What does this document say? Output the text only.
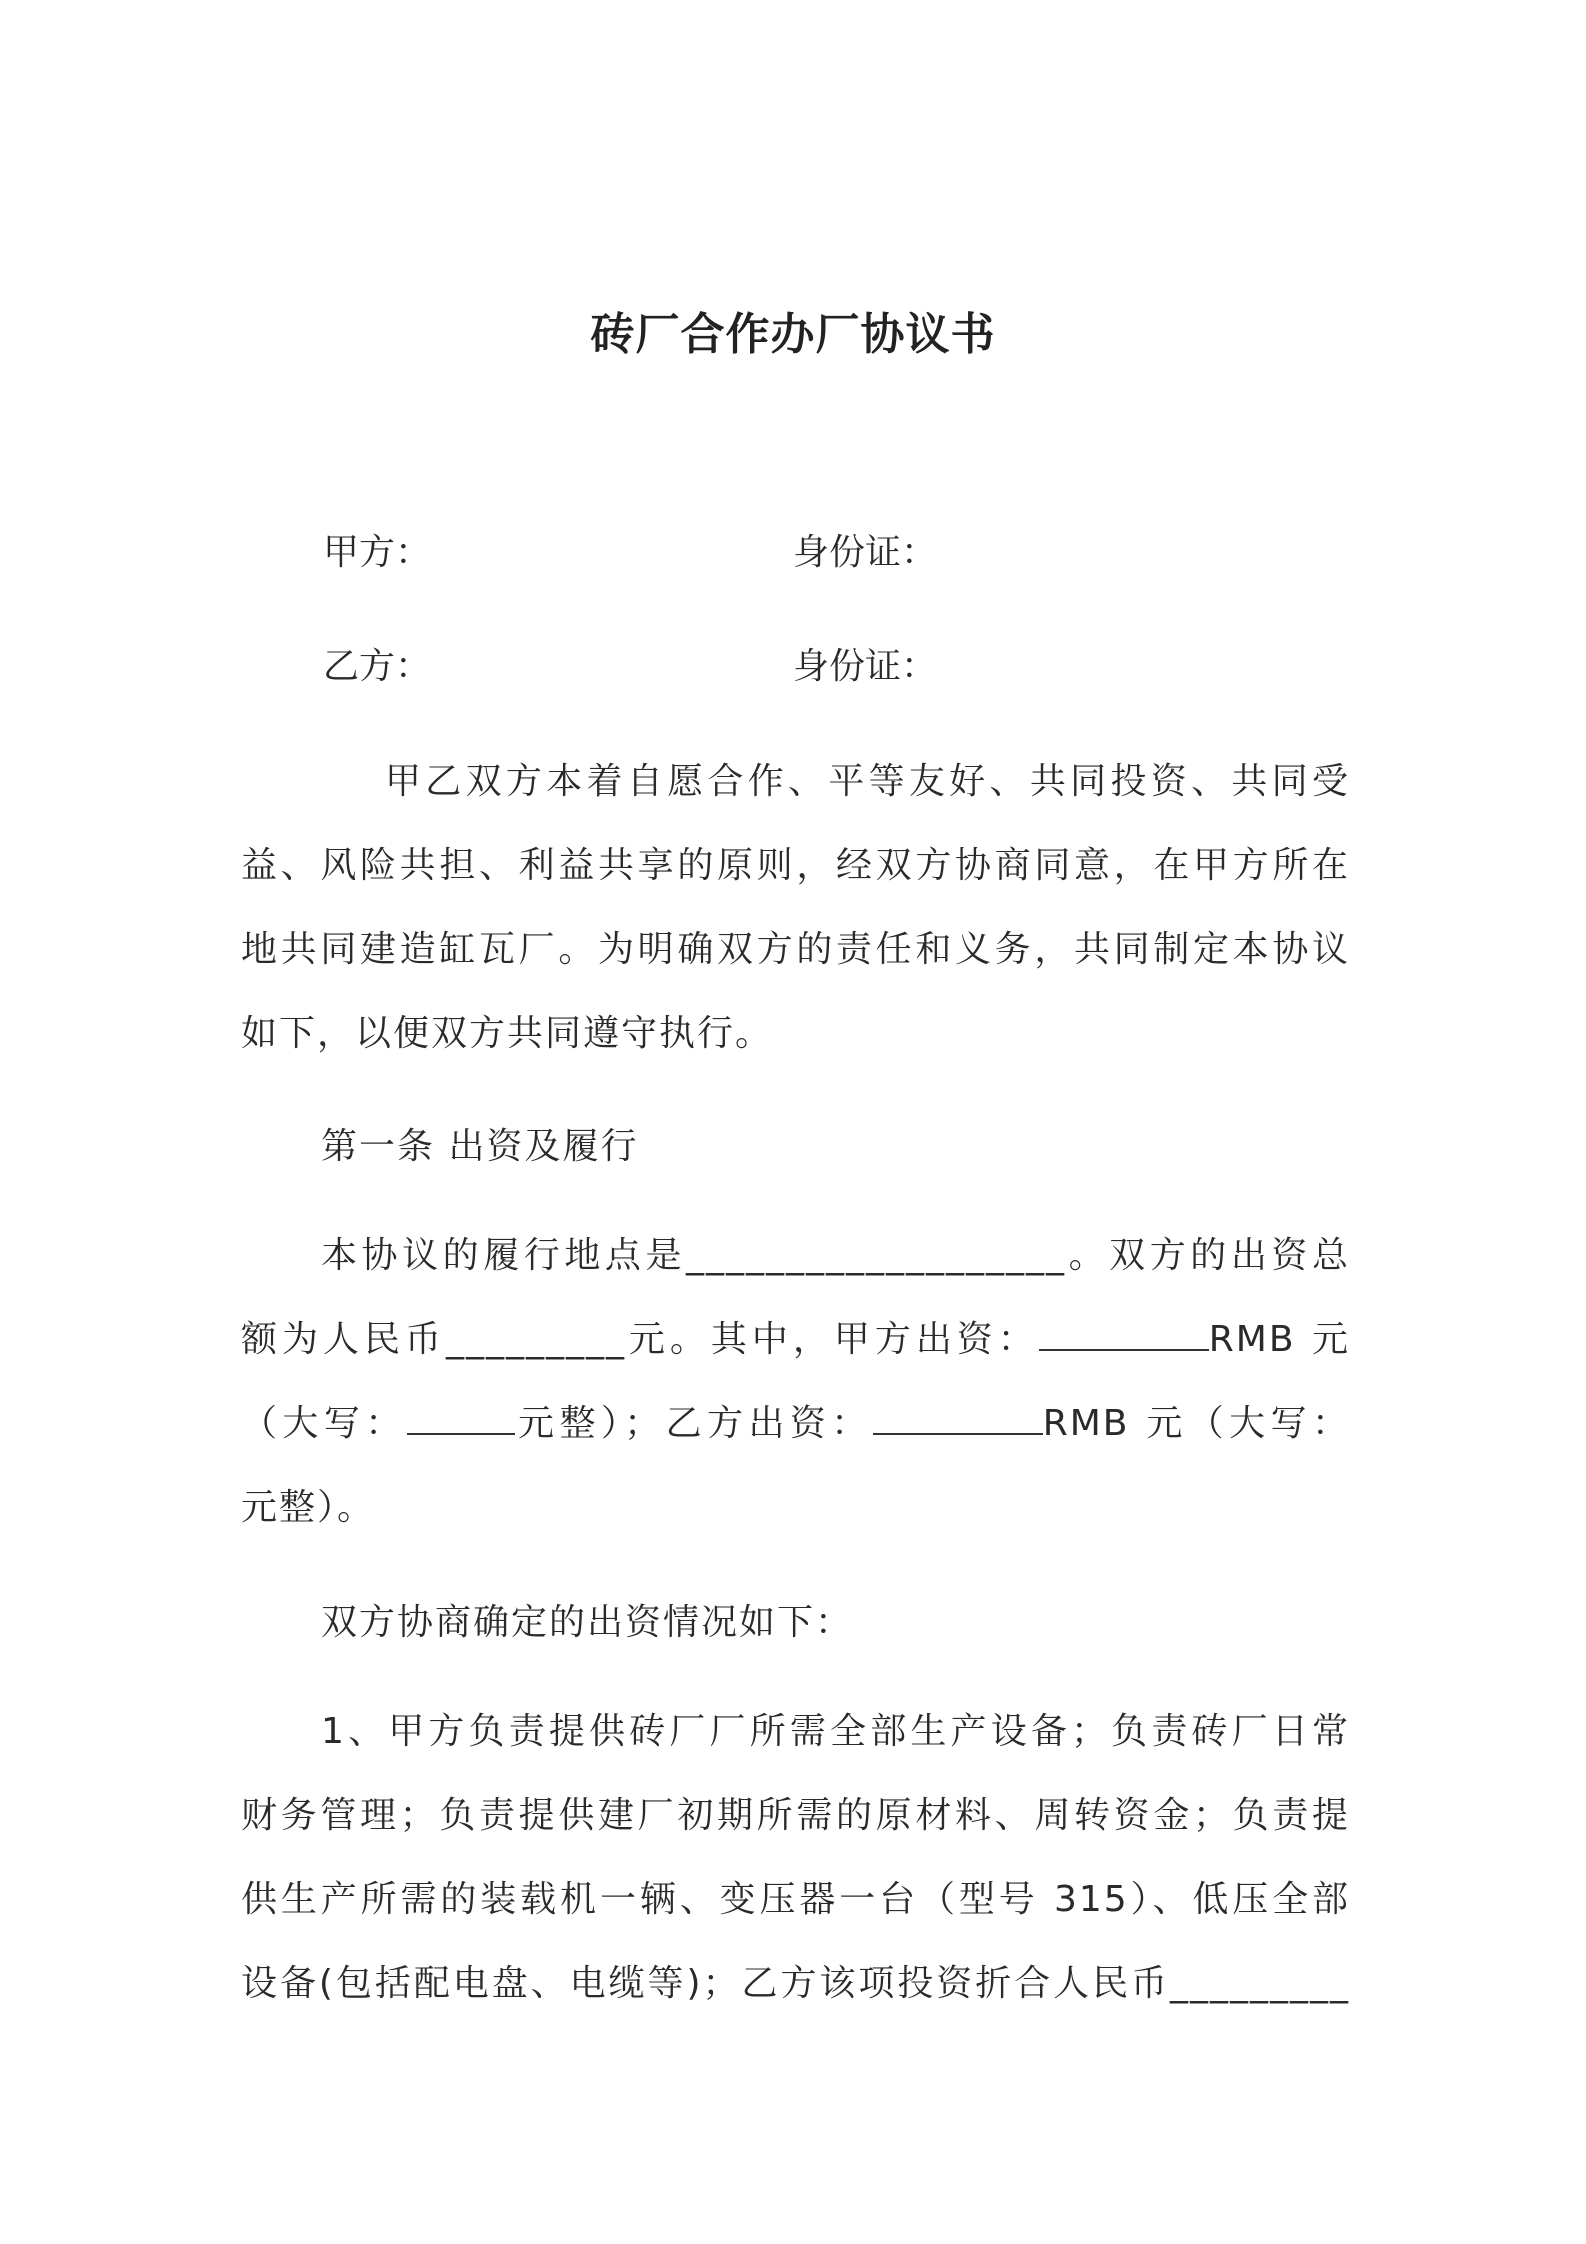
砖厂合作办厂协议书
甲方：	身份证：
乙方：	身份证：
甲乙双方本着自愿合作、平等友好、共同投资、共同受
益、风险共担、利益共享的原则，经双方协商同意，在甲方所在
地共同建造缸瓦厂。为明确双方的责任和义务，共同制定本协议
如下，以便双方共同遵守执行。
第一条 出资及履行
本协议的履行地点是___________________。双方的出资总
额为人民币_________元。其中，甲方出资：	RMB 元
（大写：	元整）；乙方出资：	RMB 元（大写：
元整）。
双方协商确定的出资情况如下：
1、甲方负责提供砖厂厂所需全部生产设备；负责砖厂日常
财务管理；负责提供建厂初期所需的原材料、周转资金；负责提
供生产所需的装载机一辆、变压器一台（型号 315）、低压全部
设备(包括配电盘、电缆等)；乙方该项投资折合人民币_________
